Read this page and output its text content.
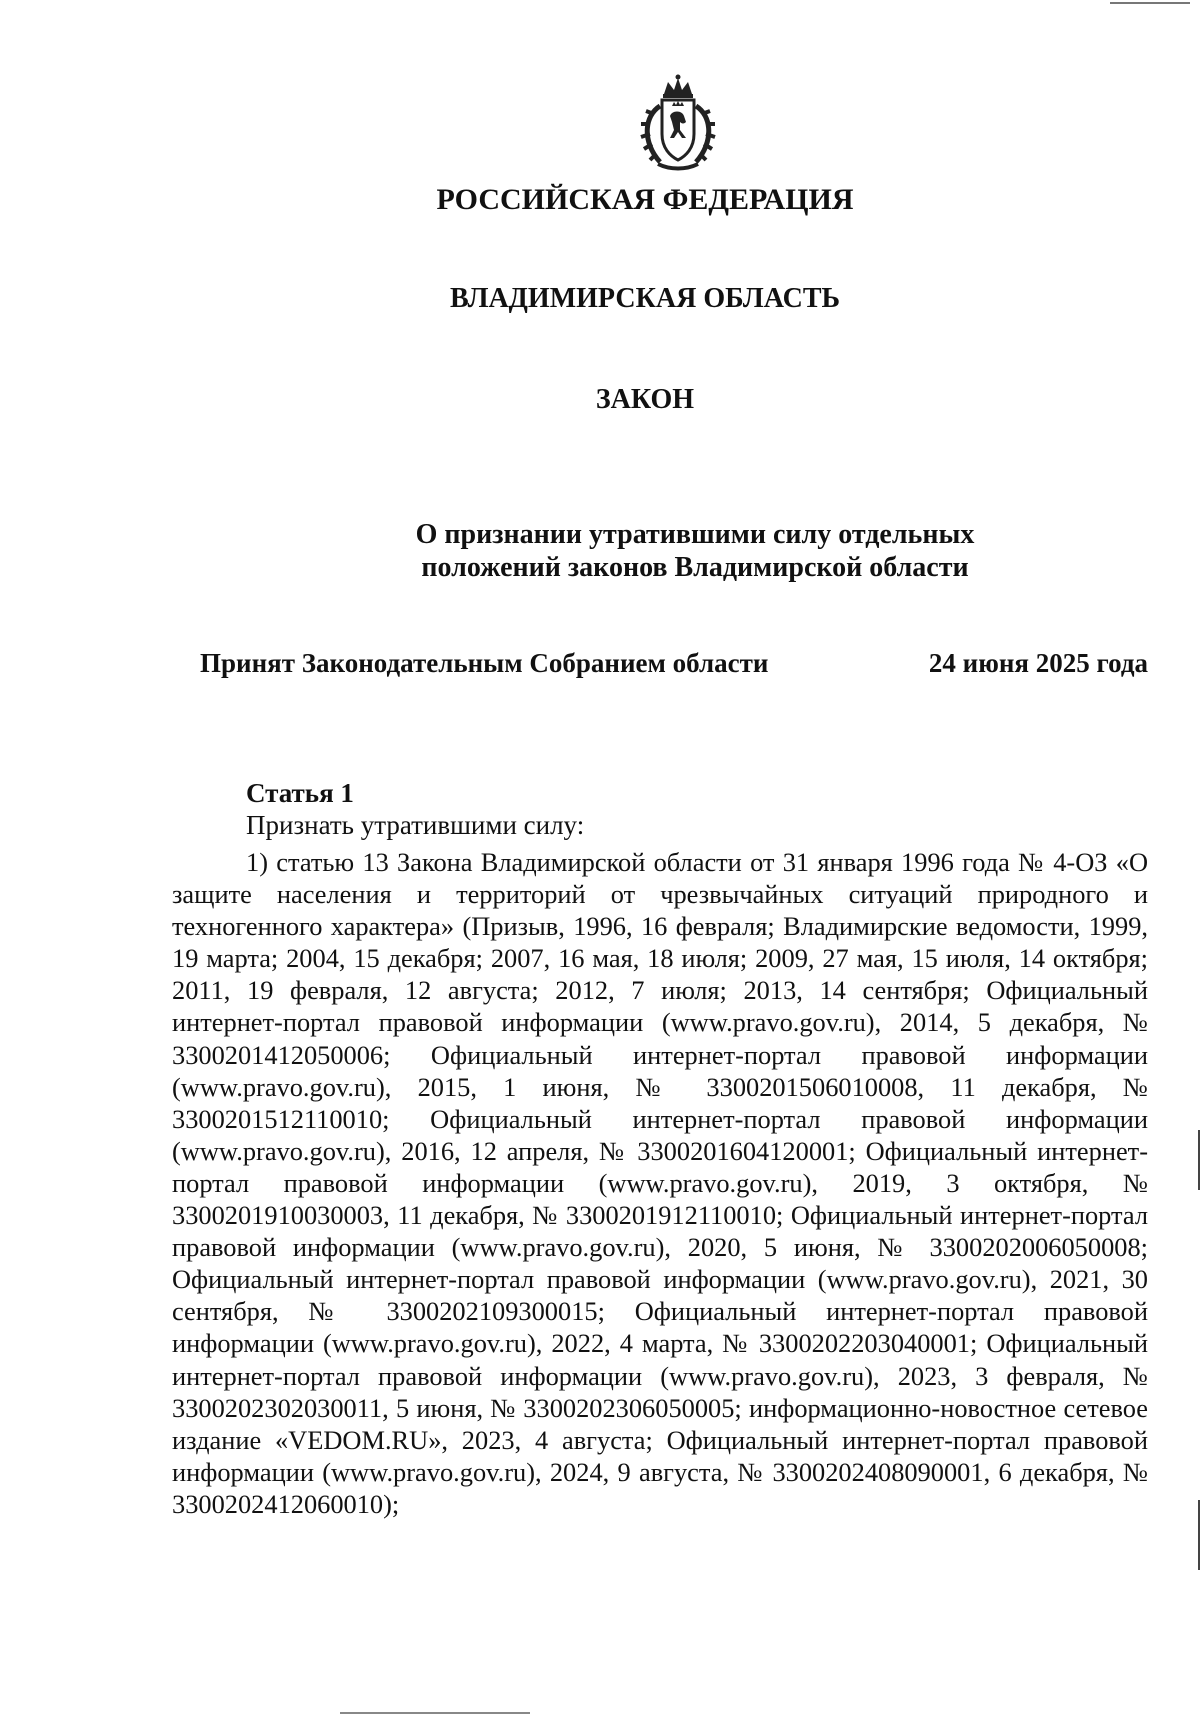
РОССИЙСКАЯ ФЕДЕРАЦИЯ
ВЛАДИМИРСКАЯ ОБЛАСТЬ
ЗАКОН
О признании утратившими силу отдельных
положений законов Владимирской области
Принят Законодательным Собранием области	24 июня 2025 года
Статья 1
Признать утратившими силу:
1) статью 13 Закона Владимирской области от 31 января 1996 года № 4-ОЗ «О защите населения и территорий от чрезвычайных ситуаций природного и техногенного характера» (Призыв, 1996, 16 февраля; Владимирские ведомости, 1999, 19 марта; 2004, 15 декабря; 2007, 16 мая, 18 июля; 2009, 27 мая, 15 июля, 14 октября; 2011, 19 февраля, 12 августа; 2012, 7 июля; 2013, 14 сентября; Официальный интернет-портал правовой информации (www.pravo.gov.ru), 2014, 5 декабря, № 3300201412050006; Официальный интернет-портал правовой информации (www.pravo.gov.ru), 2015, 1 июня, № 3300201506010008, 11 декабря, № 3300201512110010; Официальный интернет-портал правовой информации (www.pravo.gov.ru), 2016, 12 апреля, № 3300201604120001; Официальный интернет-портал правовой информации (www.pravo.gov.ru), 2019, 3 октября, № 3300201910030003, 11 декабря, № 3300201912110010; Официальный интернет-портал правовой информации (www.pravo.gov.ru), 2020, 5 июня, № 3300202006050008; Официальный интернет-портал правовой информации (www.pravo.gov.ru), 2021, 30 сентября, № 3300202109300015; Официальный интернет-портал правовой информации (www.pravo.gov.ru), 2022, 4 марта, № 3300202203040001; Официальный интернет-портал правовой информации (www.pravo.gov.ru), 2023, 3 февраля, № 3300202302030011, 5 июня, № 3300202306050005; информационно-новостное сетевое издание «VEDOM.RU», 2023, 4 августа; Официальный интернет-портал правовой информации (www.pravo.gov.ru), 2024, 9 августа, № 3300202408090001, 6 декабря, № 3300202412060010);
